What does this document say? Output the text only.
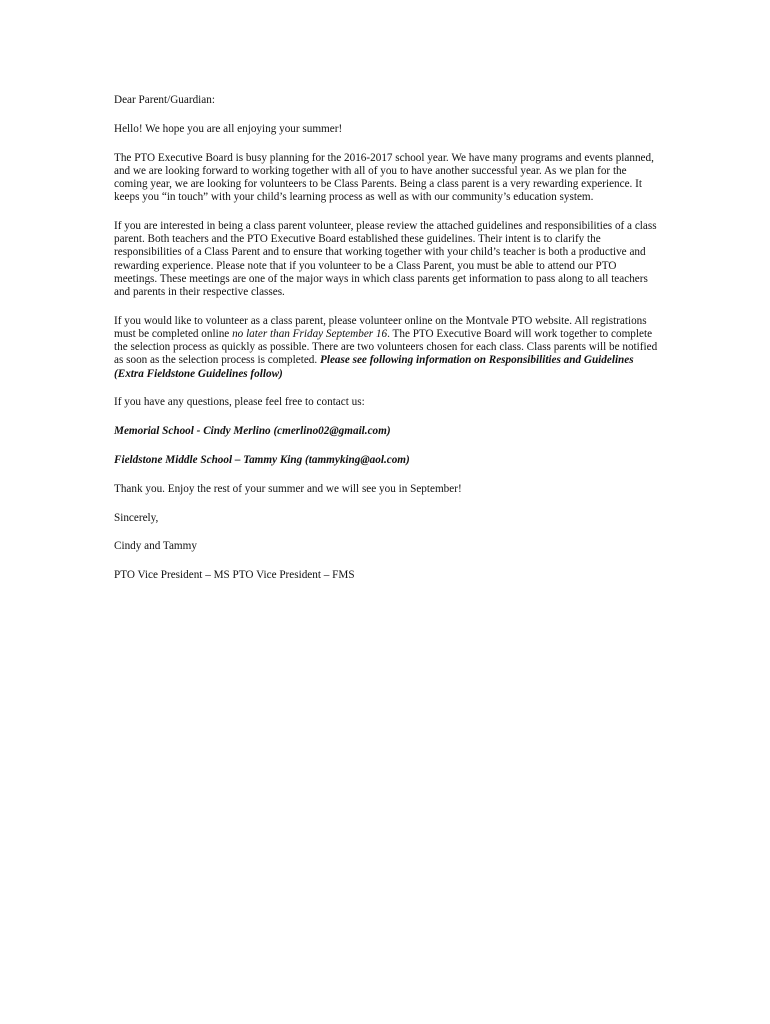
Dear Parent/Guardian:

Hello! We hope you are all enjoying your summer!

The PTO Executive Board is busy planning for the 2016-2017 school year. We have many programs and events planned, and we are looking forward to working together with all of you to have another successful year. As we plan for the coming year, we are looking for volunteers to be Class Parents. Being a class parent is a very rewarding experience. It keeps you “in touch” with your child’s learning process as well as with our community’s education system.

If you are interested in being a class parent volunteer, please review the attached guidelines and responsibilities of a class parent. Both teachers and the PTO Executive Board established these guidelines. Their intent is to clarify the responsibilities of a Class Parent and to ensure that working together with your child’s teacher is both a productive and rewarding experience. Please note that if you volunteer to be a Class Parent, you must be able to attend our PTO meetings. These meetings are one of the major ways in which class parents get information to pass along to all teachers and parents in their respective classes.

If you would like to volunteer as a class parent, please volunteer online on the Montvale PTO website. All registrations must be completed online no later than Friday September 16. The PTO Executive Board will work together to complete the selection process as quickly as possible. There are two volunteers chosen for each class. Class parents will be notified as soon as the selection process is completed. Please see following information on Responsibilities and Guidelines (Extra Fieldstone Guidelines follow)

If you have any questions, please feel free to contact us:

Memorial School - Cindy Merlino (cmerlino02@gmail.com)

Fieldstone Middle School – Tammy King (tammyking@aol.com)

Thank you. Enjoy the rest of your summer and we will see you in September!

Sincerely,

Cindy and Tammy

PTO Vice President – MS PTO Vice President – FMS
